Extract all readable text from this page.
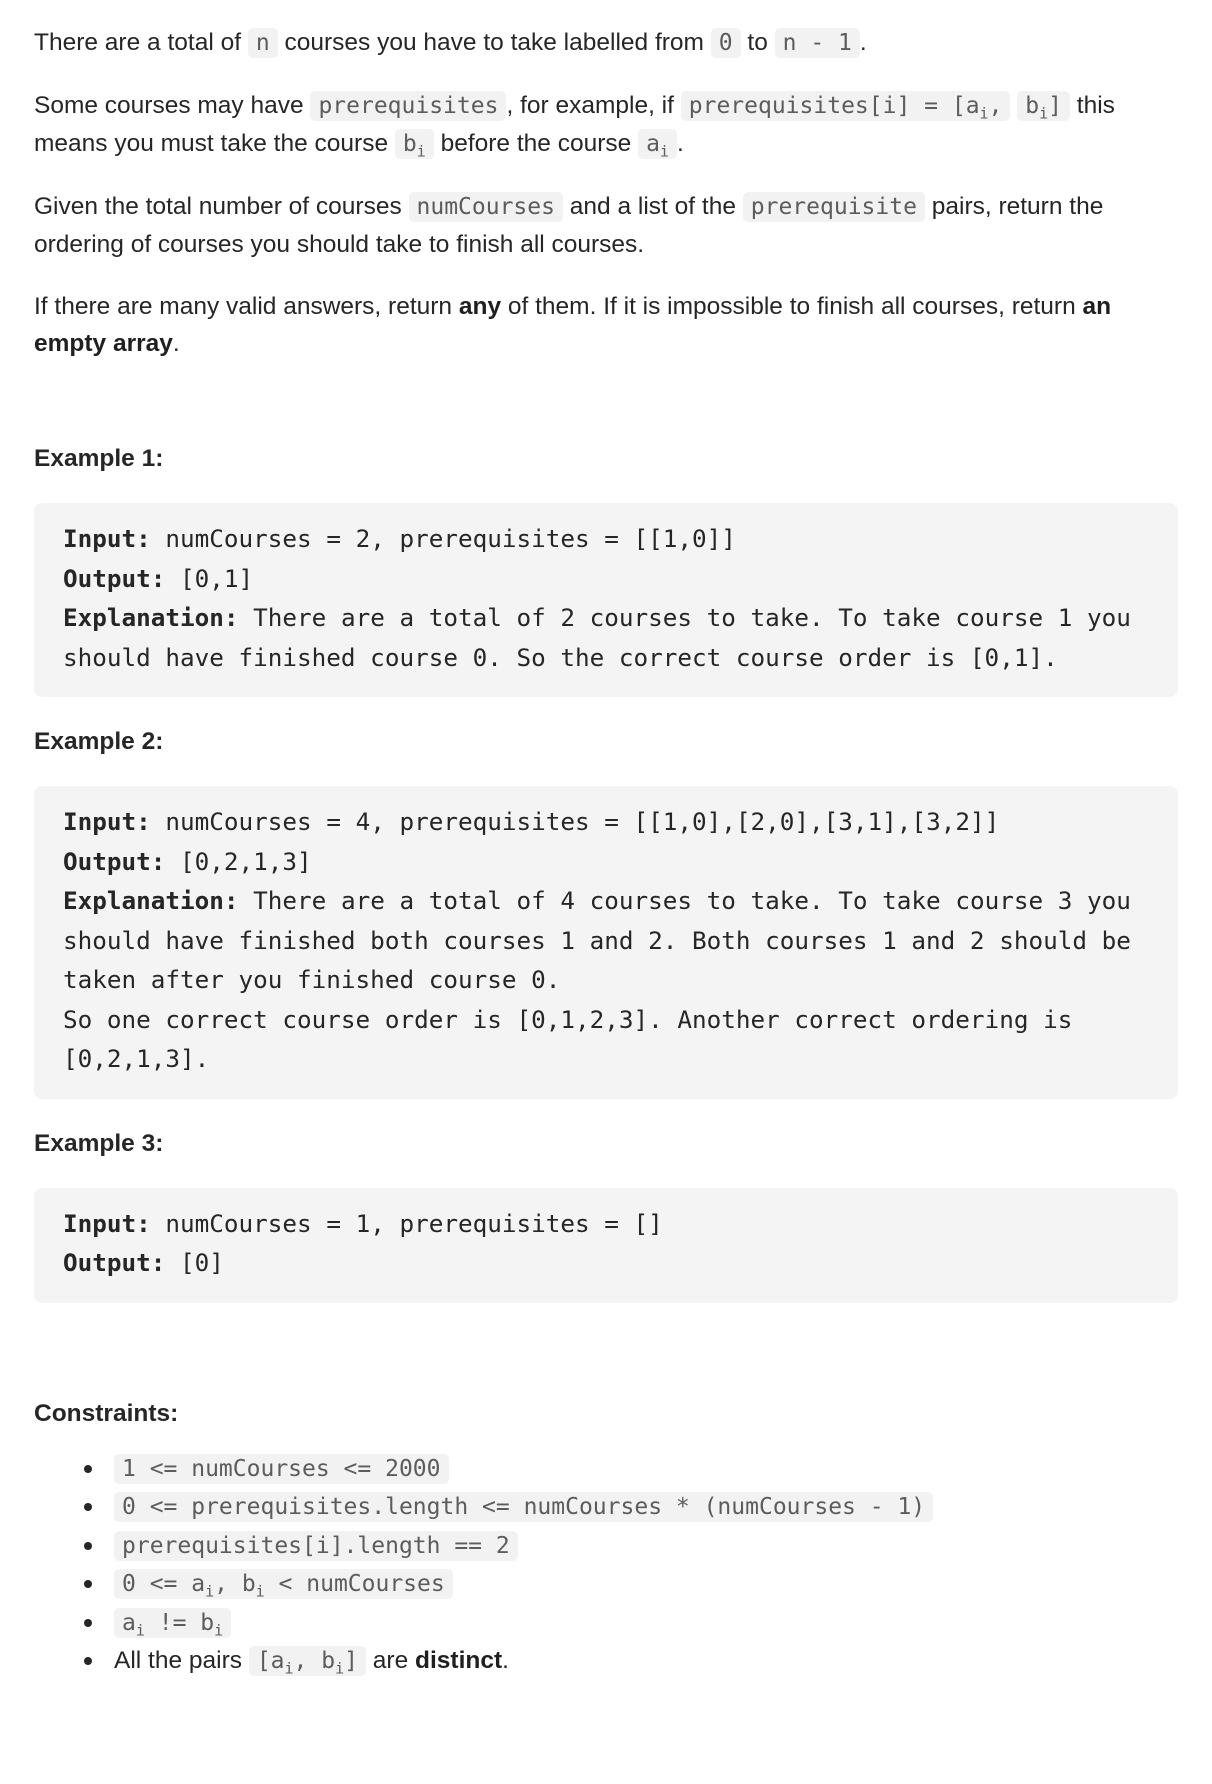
There are a total of n courses you have to take labelled from 0 to n - 1 .

Some courses may have prerequisites , for example, if prerequisites[i] = [$a_i$, $b_i$] this means you must take the course $b_i$ before the course $a_i$ .

Given the total number of courses numCourses and a list of the prerequisite pairs, return the ordering of courses you should take to finish all courses.

If there are many valid answers, return any of them. If it is impossible to finish all courses, return an empty array.

Example 1:

Input: numCourses = 2, prerequisites = [[1,0]]
Output: [0,1]
Explanation: There are a total of 2 courses to take. To take course 1 you should have finished course 0. So the correct course order is [0,1].

Example 2:

Input: numCourses = 4, prerequisites = [[1,0],[2,0],[3,1],[3,2]]
Output: [0,2,1,3]
Explanation: There are a total of 4 courses to take. To take course 3 you should have finished both courses 1 and 2. Both courses 1 and 2 should be taken after you finished course 0.
So one correct course order is [0,1,2,3]. Another correct ordering is [0,2,1,3].

Example 3:

Input: numCourses = 1, prerequisites = []
Output: [0]

Constraints:

1 <= numCourses <= 2000
0 <= prerequisites.length <= numCourses * (numCourses - 1)
prerequisites[i].length == 2
$0 <= a_i$, $b_i$ < numCourses
$a_i$ != $b_i$
All the pairs [$a_i$, $b_i$] are distinct.
